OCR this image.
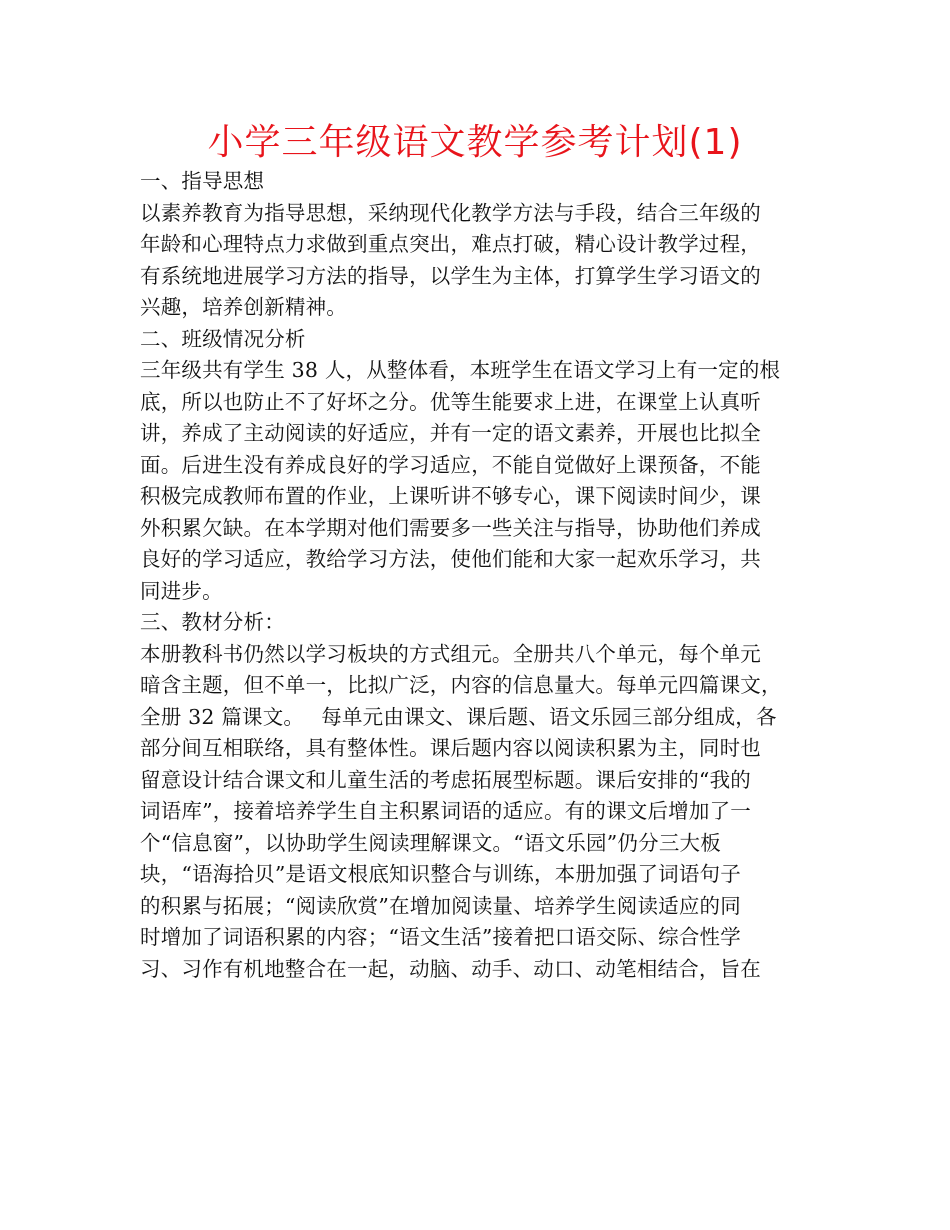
小学三年级语文教学参考计划(1)
一、指导思想
以素养教育为指导思想，采纳现代化教学方法与手段，结合三年级的
年龄和心理特点力求做到重点突出，难点打破，精心设计教学过程，
有系统地进展学习方法的指导，以学生为主体，打算学生学习语文的
兴趣，培养创新精神。
二、班级情况分析
三年级共有学生 38 人，从整体看，本班学生在语文学习上有一定的根
底，所以也防止不了好坏之分。优等生能要求上进，在课堂上认真听
讲，养成了主动阅读的好适应，并有一定的语文素养，开展也比拟全
面。后进生没有养成良好的学习适应，不能自觉做好上课预备，不能
积极完成教师布置的作业，上课听讲不够专心，课下阅读时间少，课
外积累欠缺。在本学期对他们需要多一些关注与指导，协助他们养成
良好的学习适应，教给学习方法，使他们能和大家一起欢乐学习，共
同进步。
三、教材分析：
本册教科书仍然以学习板块的方式组元。全册共八个单元，每个单元
暗含主题，但不单一，比拟广泛，内容的信息量大。每单元四篇课文，
全册 32 篇课文。　 每单元由课文、课后题、语文乐园三部分组成，各
部分间互相联络，具有整体性。课后题内容以阅读积累为主，同时也
留意设计结合课文和儿童生活的考虑拓展型标题。课后安排的“我的
词语库”，接着培养学生自主积累词语的适应。有的课文后增加了一
个“信息窗”，以协助学生阅读理解课文。“语文乐园”仍分三大板
块，“语海拾贝”是语文根底知识整合与训练，本册加强了词语句子
的积累与拓展；“阅读欣赏”在增加阅读量、培养学生阅读适应的同
时增加了词语积累的内容；“语文生活”接着把口语交际、综合性学
习、习作有机地整合在一起，动脑、动手、动口、动笔相结合，旨在
